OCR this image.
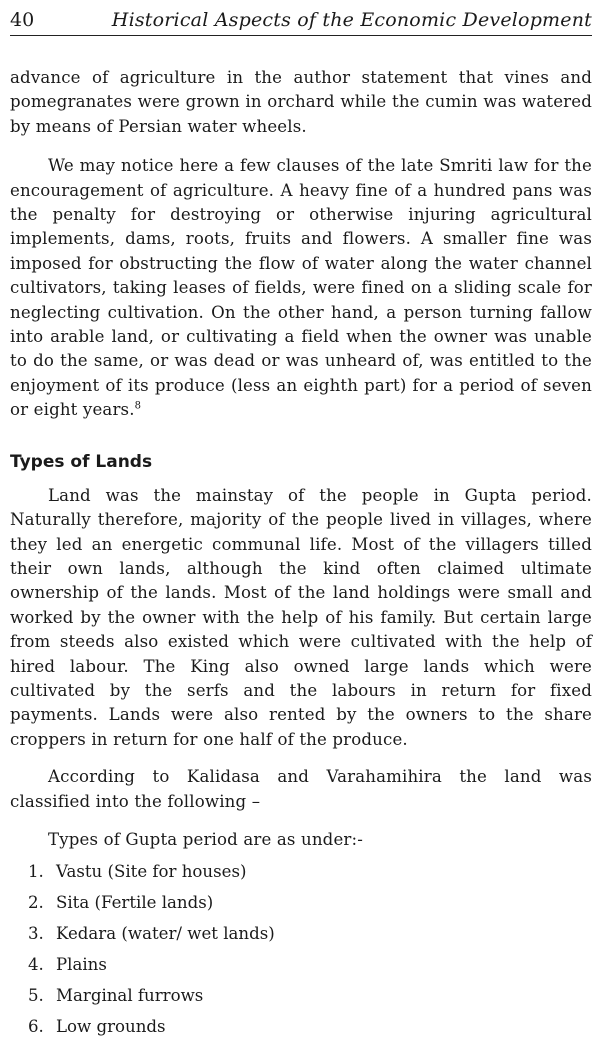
40	Historical Aspects of the Economic Development

advance of agriculture in the author statement that vines and pomegranates were grown in orchard while the cumin was watered by means of Persian water wheels.

We may notice here a few clauses of the late Smriti law for the encouragement of agriculture. A heavy fine of a hundred pans was the penalty for destroying or otherwise injuring agricultural implements, dams, roots, fruits and flowers. A smaller fine was imposed for obstructing the flow of water along the water channel cultivators, taking leases of fields, were fined on a sliding scale for neglecting cultivation. On the other hand, a person turning fallow into arable land, or cultivating a field when the owner was unable to do the same, or was dead or was unheard of, was entitled to the enjoyment of its produce (less an eighth part) for a period of seven or eight years.$^8$

Types of Lands

Land was the mainstay of the people in Gupta period. Naturally therefore, majority of the people lived in villages, where they led an energetic communal life. Most of the villagers tilled their own lands, although the kind often claimed ultimate ownership of the lands. Most of the land holdings were small and worked by the owner with the help of his family. But certain large from steeds also existed which were cultivated with the help of hired labour. The King also owned large lands which were cultivated by the serfs and the labours in return for fixed payments. Lands were also rented by the owners to the share croppers in return for one half of the produce.

According to Kalidasa and Varahamihira the land was classified into the following –

Types of Gupta period are as under:-

1. Vastu (Site for houses)
2. Sita (Fertile lands)
3. Kedara (water/ wet lands)
4. Plains
5. Marginal furrows
6. Low grounds
